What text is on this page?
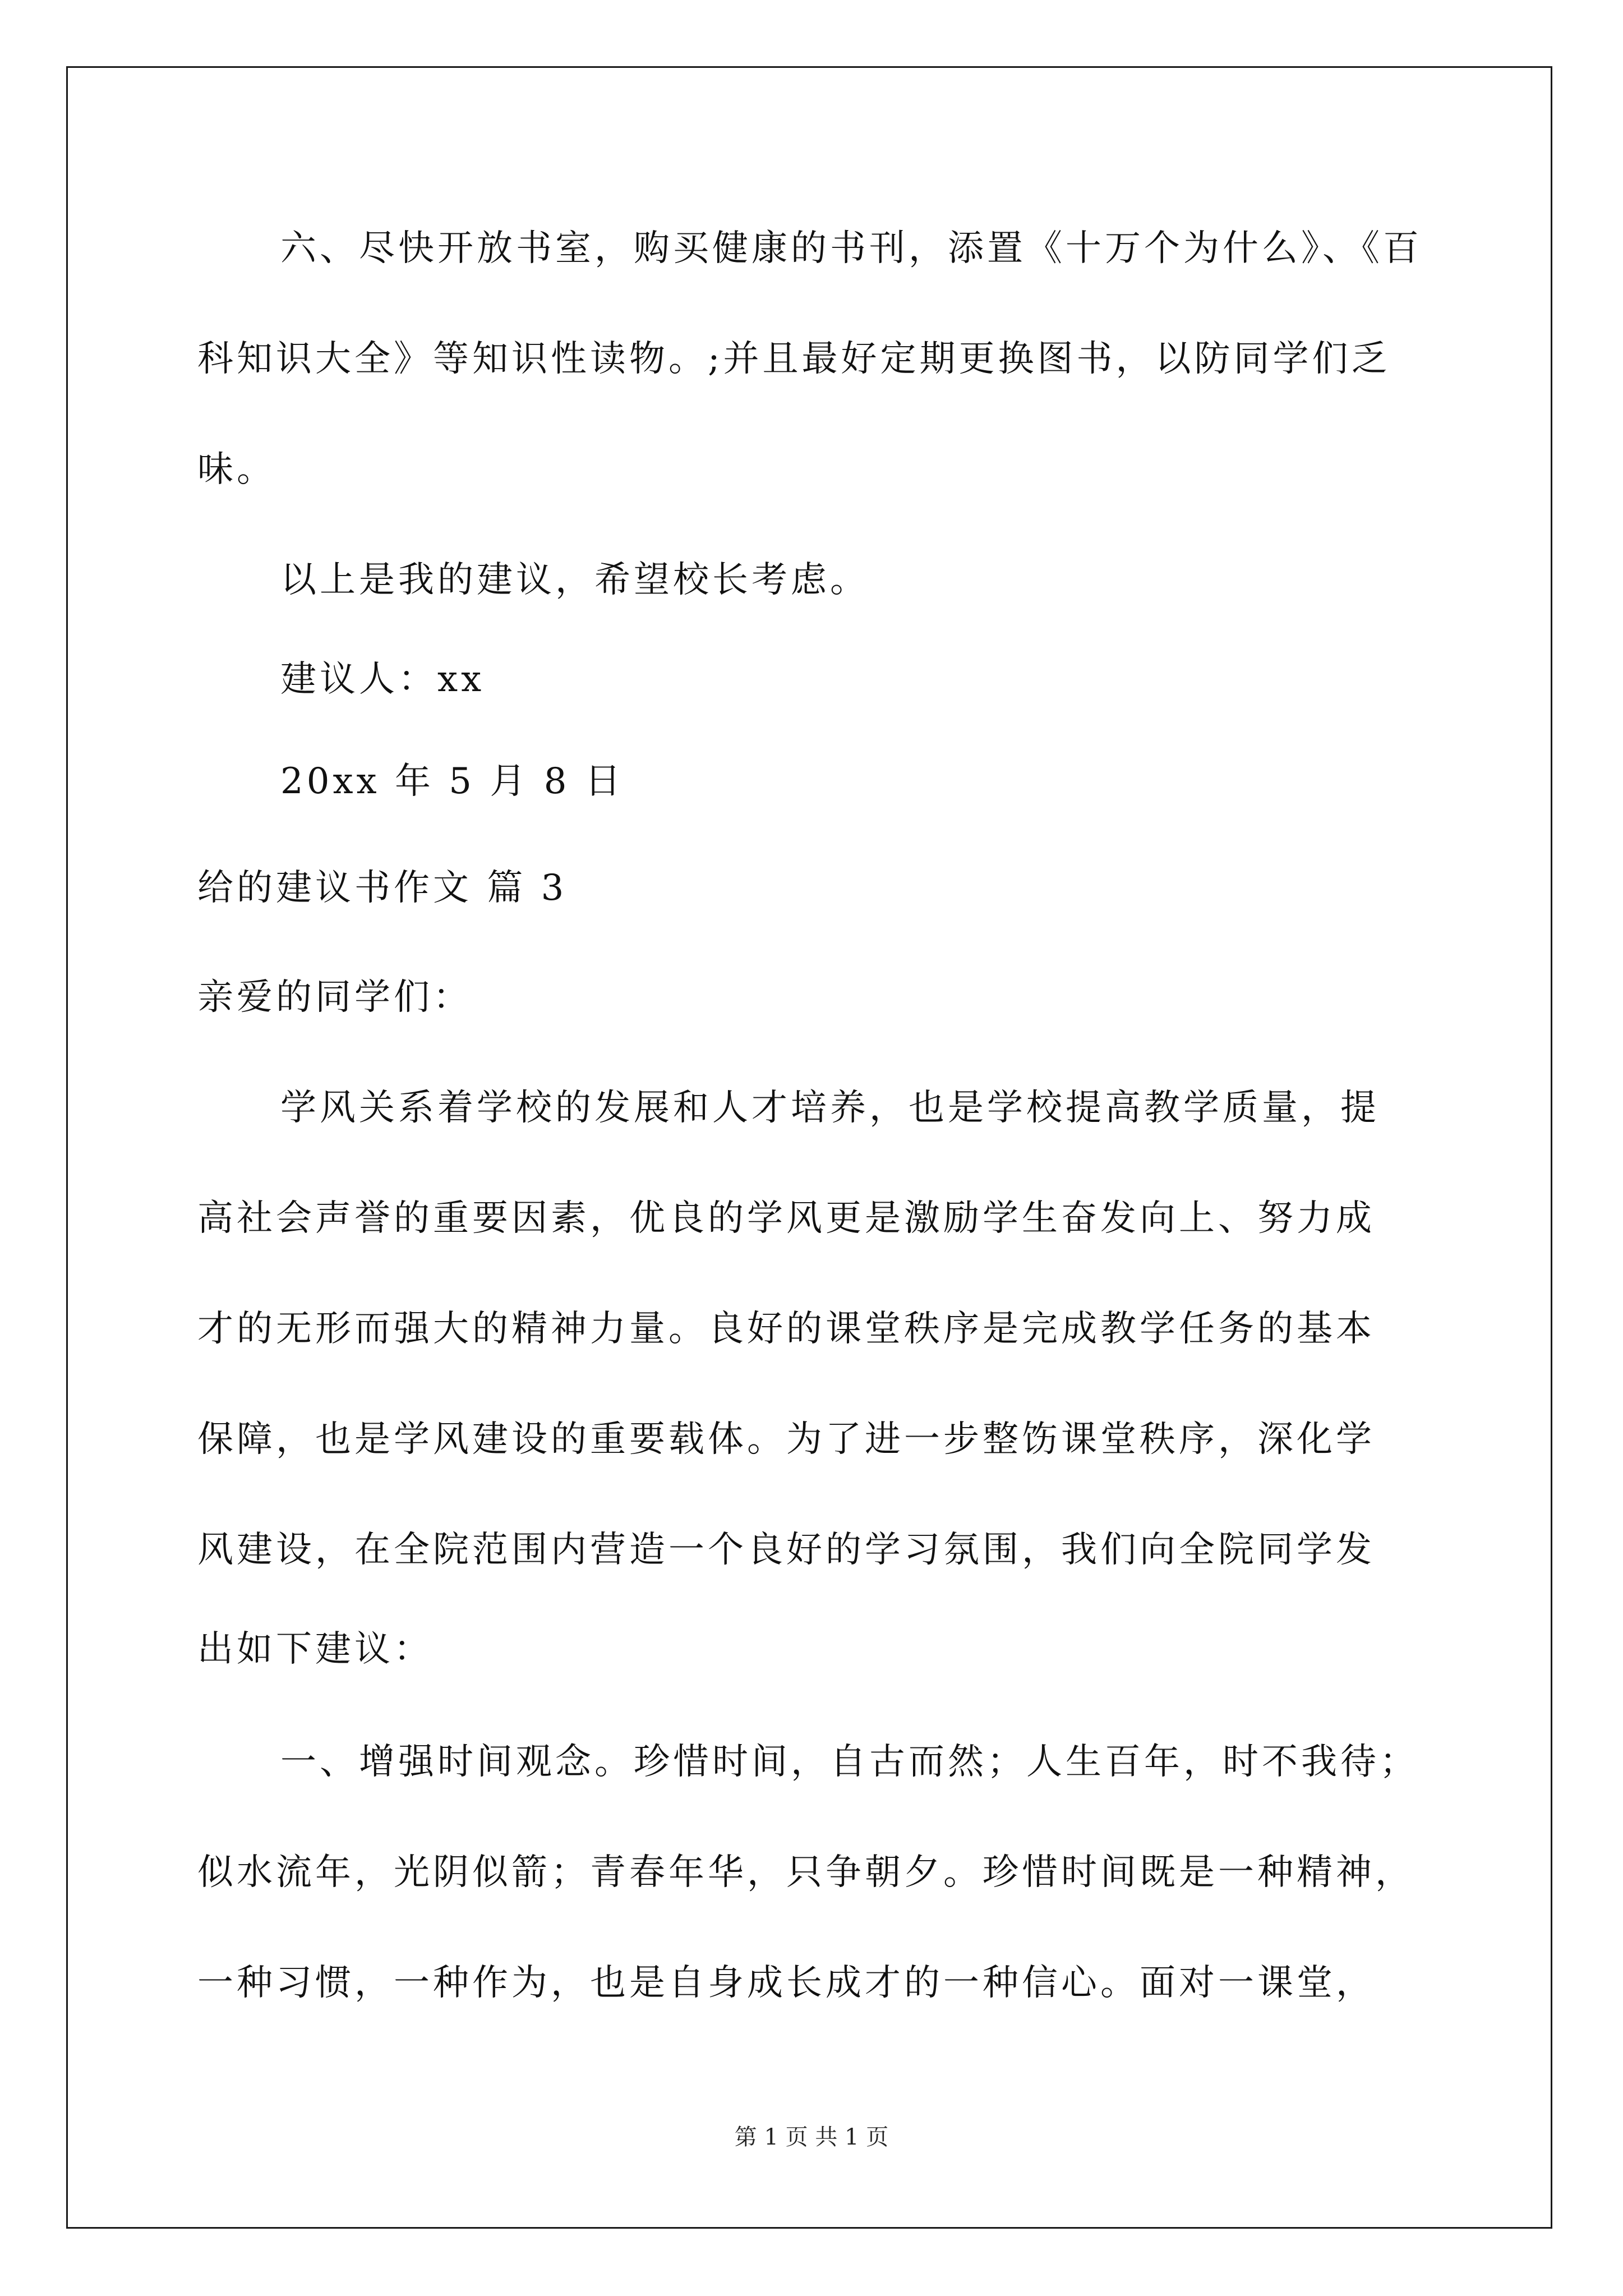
六、尽快开放书室，购买健康的书刊，添置《十万个为什么》、《百
科知识大全》等知识性读物。;并且最好定期更换图书，以防同学们乏
味。
以上是我的建议，希望校长考虑。
建议人：xx
20xx 年 5 月 8 日
给的建议书作文 篇 3
亲爱的同学们：
学风关系着学校的发展和人才培养，也是学校提高教学质量，提
高社会声誉的重要因素，优良的学风更是激励学生奋发向上、努力成
才的无形而强大的精神力量。良好的课堂秩序是完成教学任务的基本
保障，也是学风建设的重要载体。为了进一步整饬课堂秩序，深化学
风建设，在全院范围内营造一个良好的学习氛围，我们向全院同学发
出如下建议：
一、增强时间观念。珍惜时间，自古而然；人生百年，时不我待；
似水流年，光阴似箭；青春年华，只争朝夕。珍惜时间既是一种精神，
一种习惯，一种作为，也是自身成长成才的一种信心。面对一课堂，
第 1 页 共 1 页
